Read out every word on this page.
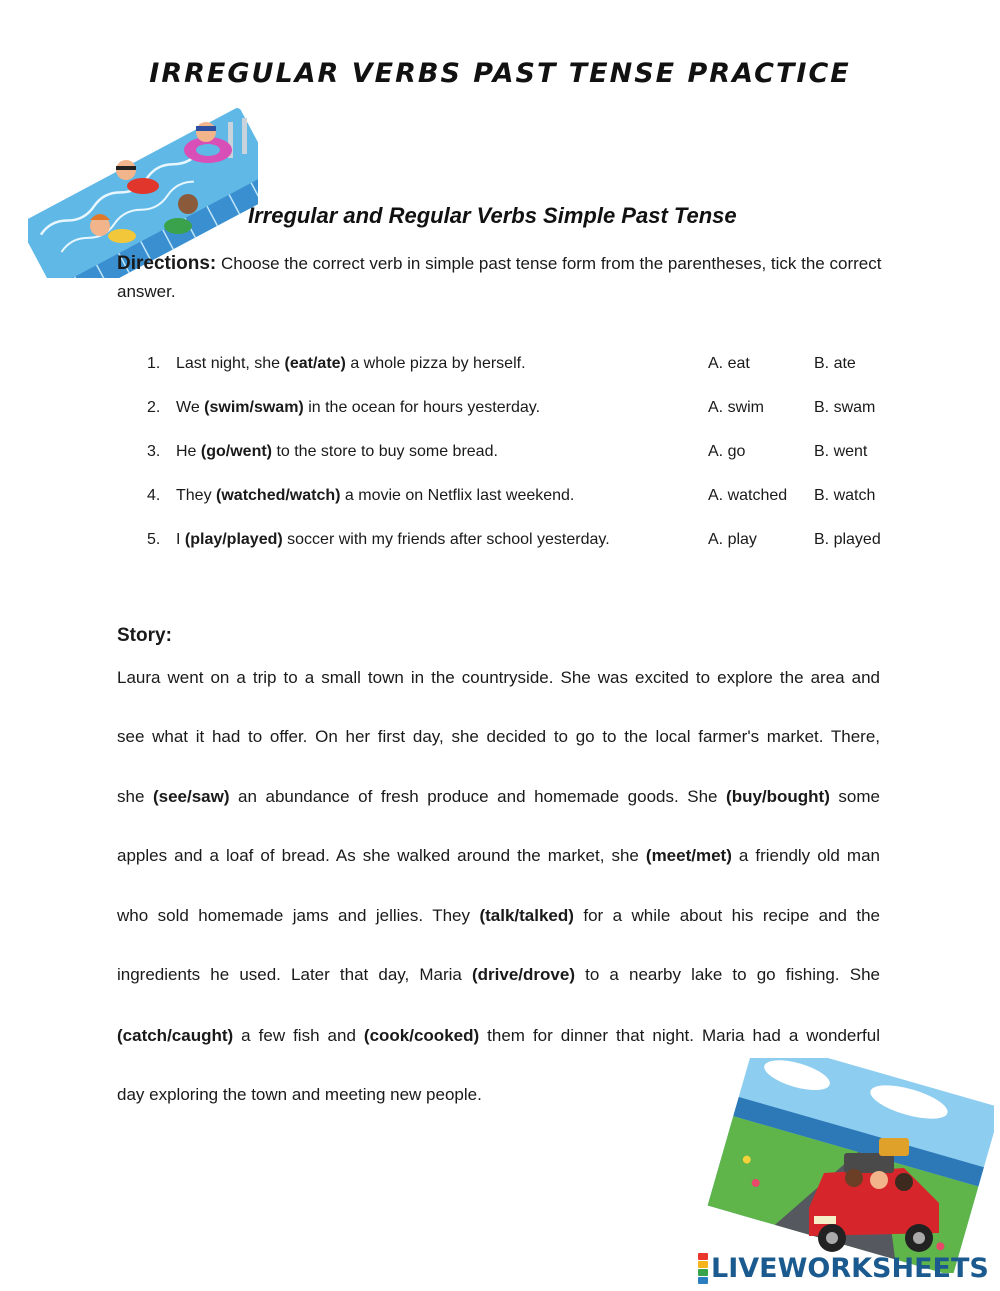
IRREGULAR VERBS PAST TENSE PRACTICE
Irregular and Regular Verbs Simple Past Tense
Directions: Choose the correct verb in simple past tense form from the parentheses, tick the correct answer.
1. Last night, she (eat/ate) a whole pizza by herself.	A. eat	B. ate
2. We (swim/swam) in the ocean for hours yesterday.	A. swim	B. swam
3. He (go/went) to the store to buy some bread.	A. go	B. went
4. They (watched/watch) a movie on Netflix last weekend.	A. watched B. watch
5. I (play/played) soccer with my friends after school yesterday.	A. play	B. played
Story:
Laura went on a trip to a small town in the countryside. She was excited to explore the area and
see what it had to offer. On her first day, she decided to go to the local farmer's market. There,
she (see/saw) an abundance of fresh produce and homemade goods. She (buy/bought) some
apples and a loaf of bread. As she walked around the market, she (meet/met) a friendly old man
who sold homemade jams and jellies. They (talk/talked) for a while about his recipe and the
ingredients he used. Later that day, Maria (drive/drove) to a nearby lake to go fishing. She
(catch/caught) a few fish and (cook/cooked) them for dinner that night. Maria had a wonderful
day exploring the town and meeting new people.
LIVEWORKSHEETS
